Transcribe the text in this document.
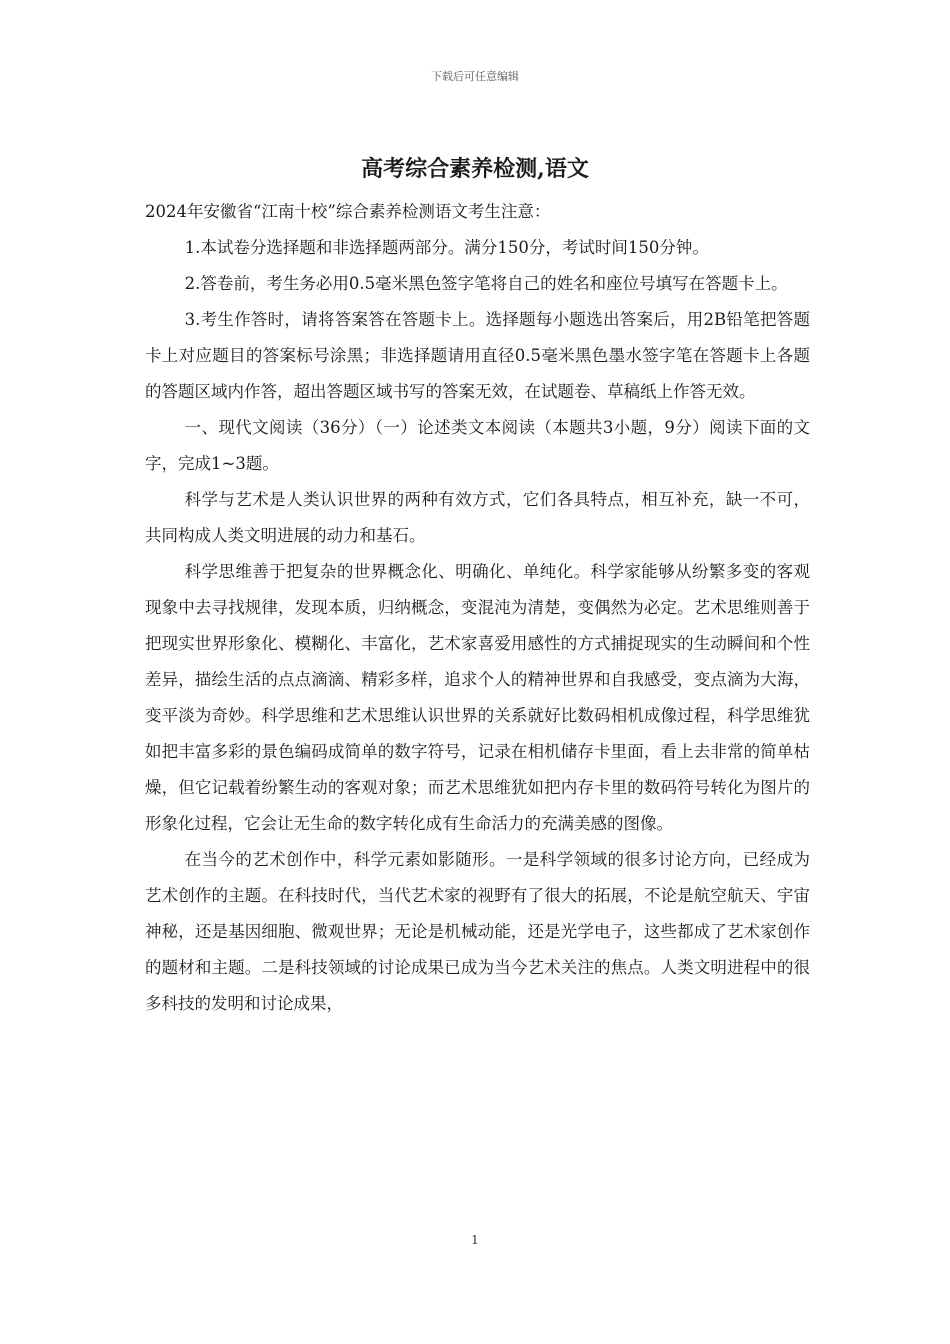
下载后可任意编辑
高考综合素养检测,语文

2024年安徽省“江南十校”综合素养检测语文考生注意：

1.本试卷分选择题和非选择题两部分。满分150分，考试时间150分钟。

2.答卷前，考生务必用0.5毫米黑色签字笔将自己的姓名和座位号填写在答题卡上。

3.考生作答时，请将答案答在答题卡上。选择题每小题选出答案后，用2B铅笔把答题卡上对应题目的答案标号涂黑；非选择题请用直径0.5毫米黑色墨水签字笔在答题卡上各题的答题区域内作答，超出答题区域书写的答案无效，在试题卷、草稿纸上作答无效。

一、现代文阅读（36分）（一）论述类文本阅读（本题共3小题，9分）阅读下面的文字，完成1~3题。

科学与艺术是人类认识世界的两种有效方式，它们各具特点，相互补充，缺一不可，共同构成人类文明进展的动力和基石。

科学思维善于把复杂的世界概念化、明确化、单纯化。科学家能够从纷繁多变的客观现象中去寻找规律，发现本质，归纳概念，变混沌为清楚，变偶然为必定。艺术思维则善于把现实世界形象化、模糊化、丰富化，艺术家喜爱用感性的方式捕捉现实的生动瞬间和个性差异，描绘生活的点点滴滴、精彩多样，追求个人的精神世界和自我感受，变点滴为大海，变平淡为奇妙。科学思维和艺术思维认识世界的关系就好比数码相机成像过程，科学思维犹如把丰富多彩的景色编码成简单的数字符号，记录在相机储存卡里面，看上去非常的简单枯燥，但它记载着纷繁生动的客观对象；而艺术思维犹如把内存卡里的数码符号转化为图片的形象化过程，它会让无生命的数字转化成有生命活力的充满美感的图像。

在当今的艺术创作中，科学元素如影随形。一是科学领域的很多讨论方向，已经成为艺术创作的主题。在科技时代，当代艺术家的视野有了很大的拓展，不论是航空航天、宇宙神秘，还是基因细胞、微观世界；无论是机械动能，还是光学电子，这些都成了艺术家创作的题材和主题。二是科技领域的讨论成果已成为当今艺术关注的焦点。人类文明进程中的很多科技的发明和讨论成果，

1
